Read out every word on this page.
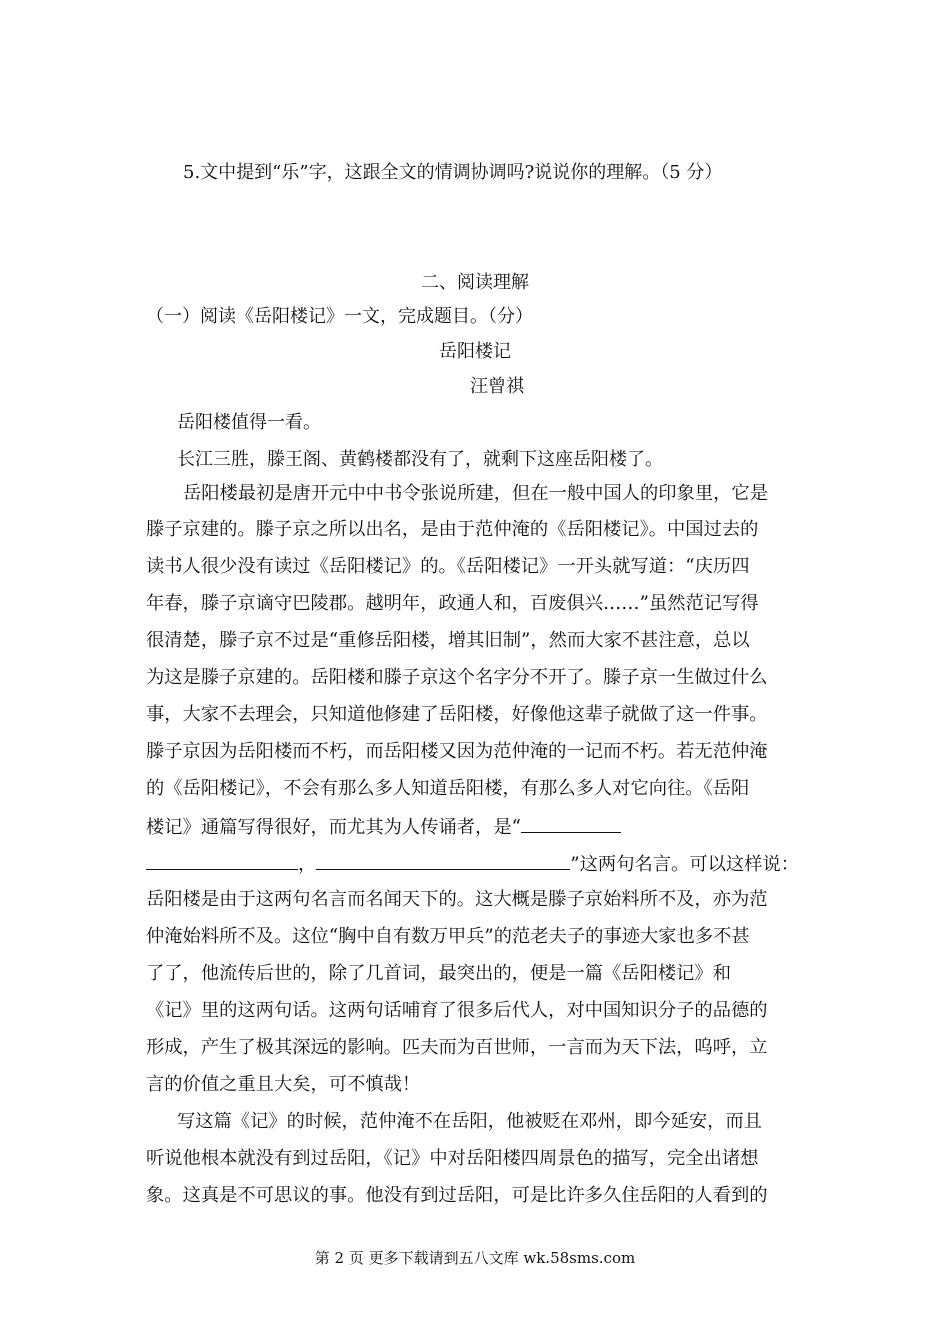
5.文中提到“乐”字，这跟全文的情调协调吗?说说你的理解。（5 分）
二、阅读理解
（一）阅读《岳阳楼记》一文，完成题目。（分）
岳阳楼记
汪曾祺
岳阳楼值得一看。
长江三胜，滕王阁、黄鹤楼都没有了，就剩下这座岳阳楼了。
岳阳楼最初是唐开元中中书令张说所建，但在一般中国人的印象里，它是
滕子京建的。滕子京之所以出名，是由于范仲淹的《岳阳楼记》。中国过去的
读书人很少没有读过《岳阳楼记》的。《岳阳楼记》一开头就写道：“庆历四
年春，滕子京谪守巴陵郡。越明年，政通人和，百废俱兴……”虽然范记写得
很清楚，滕子京不过是“重修岳阳楼，增其旧制”，然而大家不甚注意，总以
为这是滕子京建的。岳阳楼和滕子京这个名字分不开了。滕子京一生做过什么
事，大家不去理会，只知道他修建了岳阳楼，好像他这辈子就做了这一件事。
滕子京因为岳阳楼而不朽，而岳阳楼又因为范仲淹的一记而不朽。若无范仲淹
的《岳阳楼记》，不会有那么多人知道岳阳楼，有那么多人对它向往。《岳阳
楼记》通篇写得很好，而尤其为人传诵者，是“
，	”这两句名言。可以这样说：
岳阳楼是由于这两句名言而名闻天下的。这大概是滕子京始料所不及，亦为范
仲淹始料所不及。这位“胸中自有数万甲兵”的范老夫子的事迹大家也多不甚
了了，他流传后世的，除了几首词，最突出的，便是一篇《岳阳楼记》和
《记》里的这两句话。这两句话哺育了很多后代人，对中国知识分子的品德的
形成，产生了极其深远的影响。匹夫而为百世师，一言而为天下法，呜呼，立
言的价值之重且大矣，可不慎哉！
写这篇《记》的时候，范仲淹不在岳阳，他被贬在邓州，即今延安，而且
听说他根本就没有到过岳阳，《记》中对岳阳楼四周景色的描写，完全出诸想
象。这真是不可思议的事。他没有到过岳阳，可是比许多久住岳阳的人看到的
第 2 页 更多下载请到五八文库 wk.58sms.com
